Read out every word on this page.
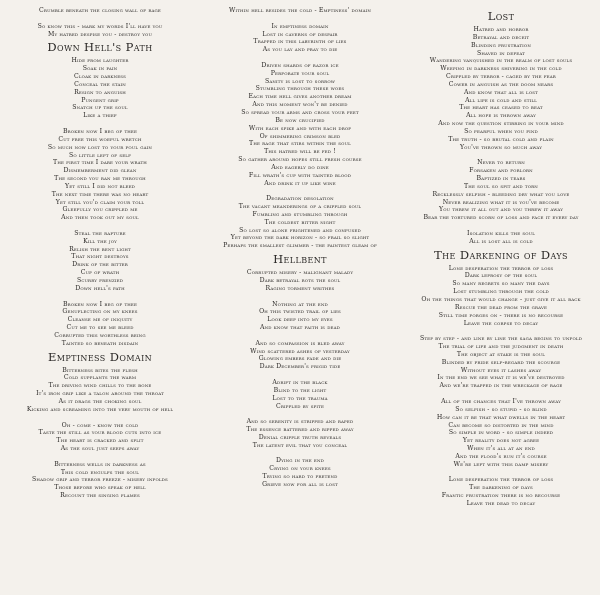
Crumble beneath the closing wall of rage
So know this - mark my words I'll have you
My hatred despise you - destroy you
Down Hell's Path
Hide from laughter
Soak in pain
Cloak in darkness
Conceal the stain
Resign to anguish
Pungent grip
Snatch up the soul
Like a thief
Broken now I beg of thee
Cut free this woeful wretch
So much now lost to your foul gain
So little left of self
The first time I dare your wrath
Dismemberment did glean
The second you ran me through
Yet still I did not bleed
The next time there was no heart
Yet still you'd claim your toll
Gleefully you crippled me
And then took out my soul
Steal the rapture
Kill the joy
Relish the bent light
That night destroys
Drink of the bitter
Cup of wrath
Scurry frenzied
Down hell's path
Broken now I beg of thee
Genuflecting on my knees
Cleanse me of iniquity
Cut me to see me bleed
Corrupted this worthless being
Tainted so beneath disdain
Emptiness Domain
Bitterness bites the flesh
Cold supplants the warm
The driving wind chills to the bone
It's iron grip like a talon around the throat
As it drags the choking soul
Kicking and screaming into the very mouth of hell
Oh - come - know the cold
Taste the still as your blood cuts into ice
The heart is cracked and split
As the soul just seeps away
Bitterness wells in darkness as
This cold engulfs the soul
Shadow grip and terror freeze - misery infolds
Those before who speak of hell
Recount the singing flames
Within hell resides the cold - Emptiness' domain
In emptiness domain
Lost in caverns of despair
Trapped in this labyrinth of lies
As you lay and pray to die
Driven shards of razor ice
Perforate your soul
Sanity is lost to sorrow
Stumbling through these woes
Each time hell gives another dream
And this moment won't be denied
So spread your arms and cross your feet
Be now crucified
With each spike and with each drop
Of shimmering crimson bled
The rage that stirs within the soul
This hatred will be fed !
So gather around hopes still fresh course
And eagerly do dine
Fill wrath's cup with tainted blood
And drink it up like wine
Degradation desolation
The vacant meanderings of a crippled soul
Fumbling and stumbling through
The coldest bitter night
So lost so alone frightened and confused
Yet beyond the dark horizon - so frail so slight
Perhaps the smallest glimmer - the faintest gleam of
Hellbent
Corrupted misery - malignant malady
Dark betrayal rots the soul
Raging torment writhes
Nothing at the end
Oh this twisted trail of lies
Look deep into my eyes
And know that faith is dead
And so compassion is bled away
Wind scattered ashes of yesterday
Glowing embers fade and die
Dark December's frigid tide
Adrift in the black
Blind to the light
Lost to the trauma
Crippled by spite
And so serenity is stripped and raped
The essence battered and ripped away
Denial cripple truth reveals
The latent evil that you conceal
Dying in the end
Crying on your knees
Trying so hard to pretend
Grieve now for all is lost
Lost
Hatred and horror
Betrayal and deceit
Blinding frustration
Shaved in defeat
Wandering vanquished in the realm of lost souls
Weeping in darkness shivering in the cold
Crippled by terror - caged by the fear
Cower in anguish as the doom nears
And know that all is lost
All life is cold and still
The heart has ceased to beat
All hope is thrown away
And now the question stirring in your mind
So fearful when you find
The truth - so brutal cold and plain
You've thrown so much away
Never to return
Forsaken and forlorn
Baptized in tears
The soul so spit and torn
Recklessly selfish - bleeding dry what you love
Never realizing what it is you've become
You threw it all out and you threw it away
Bear the tortured scorn of loss and face it every day
Isolation kills the soul
All is lost all is cold
The Darkening of Days
Lone desperation the terror of loss
Dark leprosy of the soul
So many regrets so many the days
Lost stumbling through the cold
Oh the things that would change - just give it all back
Rescue the dead from the grave
Still time forges on - there is no recourse
Leave the corpse to decay
Step by step - and line by line the saga begins to unfold
The trial of life and the judgment in death
The object at stake is the soul
Blinded by pride self-regard the scourge
Without eyes it lashes away
In the end we see what it is we've destroyed
And we're trapped in the wreckage of rage
All of the chances that I've thrown away
So selfish - so stupid - so blind
How can it be that what dwells in the heart
Can become so distorted in the mind
So simple in word - so simple indeed
Yet reality does not agree
When it's all at an end
And the flood's run it's course
We're left with this damp misery
Lone desperation the terror of loss
The darkening of days
Frantic frustration there is no recourse
Leave the dead to decay
